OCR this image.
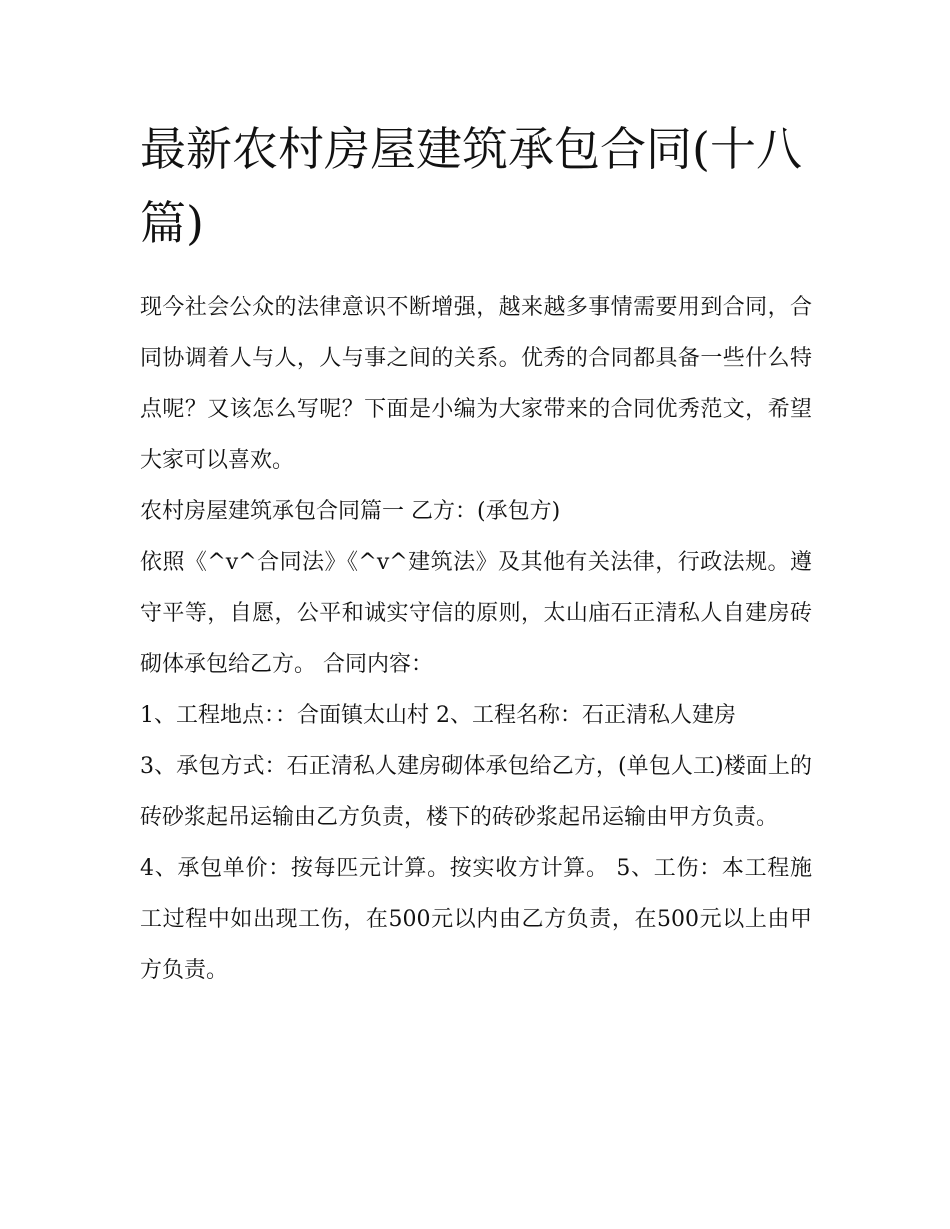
最新农村房屋建筑承包合同(十八篇)

现今社会公众的法律意识不断增强，越来越多事情需要用到合同，合同协调着人与人，人与事之间的关系。优秀的合同都具备一些什么特点呢？又该怎么写呢？下面是小编为大家带来的合同优秀范文，希望大家可以喜欢。

农村房屋建筑承包合同篇一 乙方：(承包方)

依照《^v^合同法》《^v^建筑法》及其他有关法律，行政法规。遵守平等，自愿，公平和诚实守信的原则，太山庙石正清私人自建房砖砌体承包给乙方。 合同内容：

1、工程地点：：合面镇太山村 2、工程名称：石正清私人建房

3、承包方式：石正清私人建房砌体承包给乙方，(单包人工)楼面上的砖砂浆起吊运输由乙方负责，楼下的砖砂浆起吊运输由甲方负责。

4、承包单价：按每匹元计算。按实收方计算。 5、工伤：本工程施工过程中如出现工伤，在500元以内由乙方负责，在500元以上由甲方负责。
